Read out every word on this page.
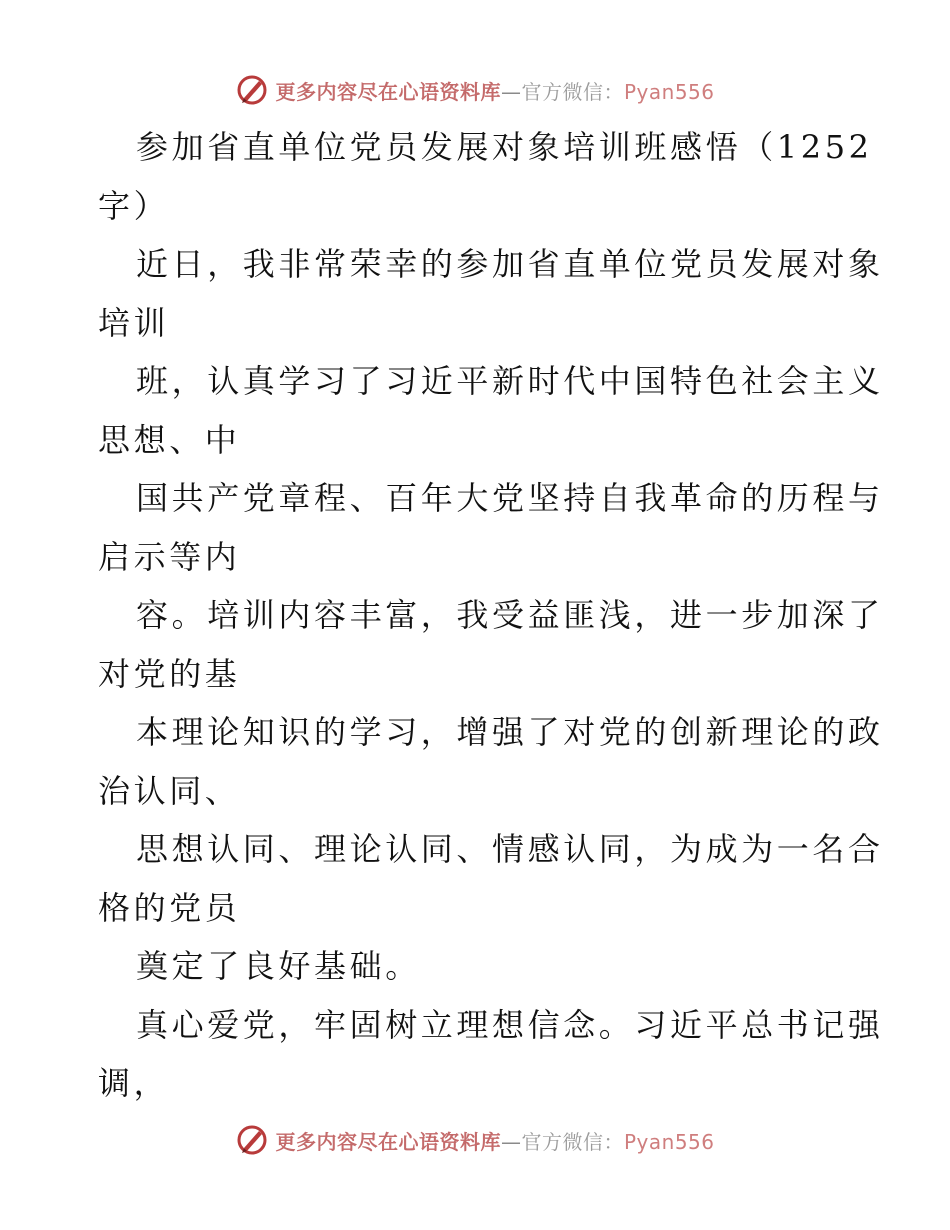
更多内容尽在心语资料库—官方微信：Pyan556
参加省直单位党员发展对象培训班感悟（1252
字）
近日，我非常荣幸的参加省直单位党员发展对象
培训
班，认真学习了习近平新时代中国特色社会主义
思想、中
国共产党章程、百年大党坚持自我革命的历程与
启示等内
容。培训内容丰富，我受益匪浅，进一步加深了
对党的基
本理论知识的学习，增强了对党的创新理论的政
治认同、
思想认同、理论认同、情感认同，为成为一名合
格的党员
奠定了良好基础。
真心爱党，牢固树立理想信念。习近平总书记强
调，
更多内容尽在心语资料库—官方微信：Pyan556
